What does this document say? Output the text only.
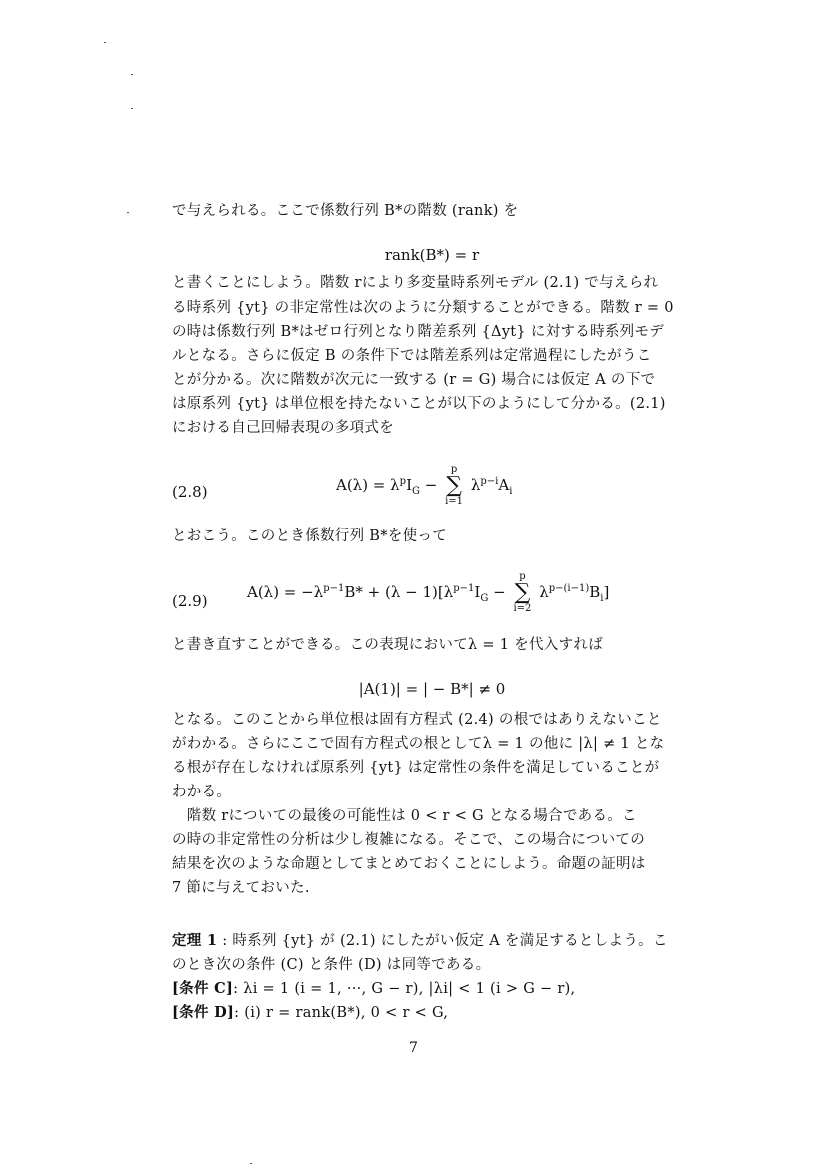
で与えられる。ここで係数行列 B*の階数 (rank) を
rank(B*) = r
と書くことにしよう。階数 rにより多変量時系列モデル (2.1) で与えられ
る時系列 {yt} の非定常性は次のように分類することができる。階数 r = 0
の時は係数行列 B*はゼロ行列となり階差系列 {Δyt} に対する時系列モデ
ルとなる。さらに仮定 B の条件下では階差系列は定常過程にしたがうこ
とが分かる。次に階数が次元に一致する (r = G) 場合には仮定 A の下で
は原系列 {yt} は単位根を持たないことが以下のようにして分かる。(2.1)
における自己回帰表現の多項式を
(2.8)	$A(\lambda) = \lambda^pI_G - p$
∑
i=1 $\lambda^{p-i}A_i$
とおこう。このとき係数行列 B*を使って
(2.9)	$A(\lambda) = -\lambda^{p-1}B* + (\lambda - 1)[\lambda^{p-1}I_G - p$
∑
i=2 $\lambda^{p-(i-1)}B_i$]
と書き直すことができる。この表現においてλ = 1 を代入すれば
|A(1)| = | − B*| ≠ 0
となる。このことから単位根は固有方程式 (2.4) の根ではありえないこと
がわかる。さらにここで固有方程式の根としてλ = 1 の他に |λ| ≠ 1 とな
る根が存在しなければ原系列 {yt} は定常性の条件を満足していることが
わかる。
　階数 rについての最後の可能性は 0 < r < G となる場合である。こ
の時の非定常性の分析は少し複雑になる。そこで、この場合についての
結果を次のような命題としてまとめておくことにしよう。命題の証明は
7 節に与えておいた.
定理 1 : 時系列 {yt} が (2.1) にしたがい仮定 A を満足するとしよう。こ
のとき次の条件 (C) と条件 (D) は同等である。
[条件 C]: λi = 1 (i = 1, ···, G − r), |λi| < 1 (i > G − r),
[条件 D]: (i) r = rank(B*), 0 < r < G,
7
